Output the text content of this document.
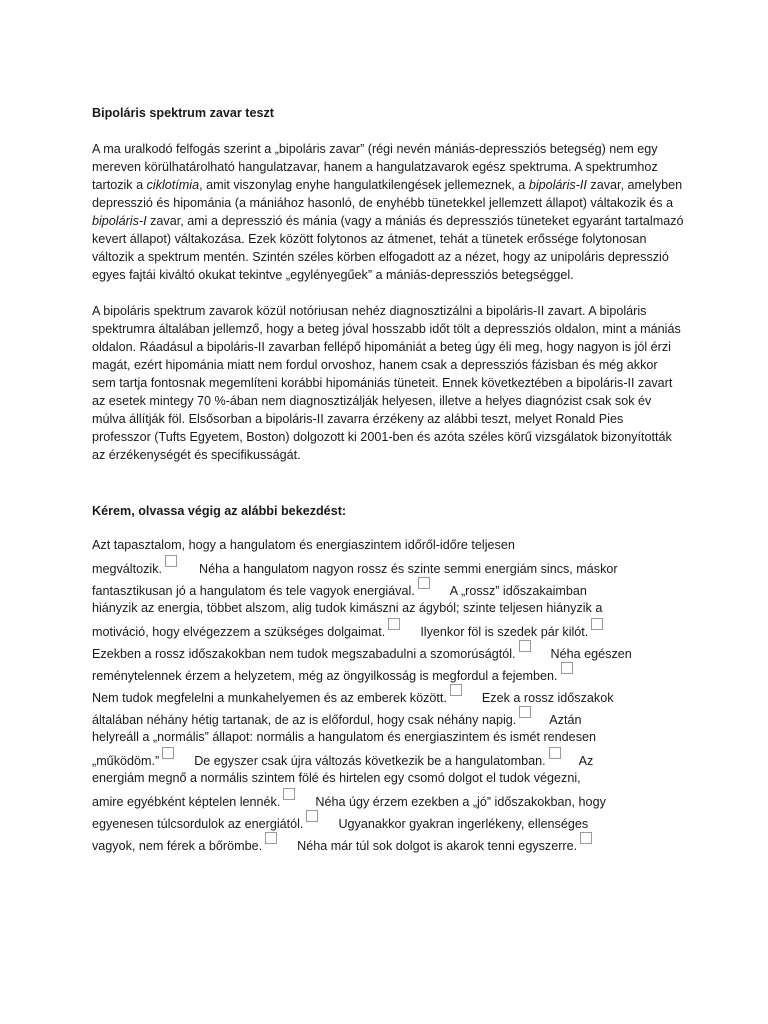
Bipoláris spektrum zavar teszt

A ma uralkodó felfogás szerint a „bipoláris zavar” (régi nevén mániás-depressziós betegség) nem egy mereven körülhatárolható hangulatzavar, hanem a hangulatzavarok egész spektruma. A spektrumhoz tartozik a ciklotímia, amit viszonylag enyhe hangulatkilengések jellemeznek, a bipoláris-II zavar, amelyben depresszió és hipománia (a mániához hasonló, de enyhébb tünetekkel jellemzett állapot) váltakozik és a bipoláris-I zavar, ami a depresszió és mánia (vagy a mániás és depressziós tüneteket egyaránt tartalmazó kevert állapot) váltakozása. Ezek között folytonos az átmenet, tehát a tünetek erőssége folytonosan változik a spektrum mentén. Szintén széles körben elfogadott az a nézet, hogy az unipoláris depresszió egyes fajtái kiváltó okukat tekintve „egylényegűek” a mániás-depressziós betegséggel.

A bipoláris spektrum zavarok közül notóriusan nehéz diagnosztizálni a bipoláris-II zavart. A bipoláris spektrumra általában jellemző, hogy a beteg jóval hosszabb időt tölt a depressziós oldalon, mint a mániás oldalon. Ráadásul a bipoláris-II zavarban fellépő hipomániát a beteg úgy éli meg, hogy nagyon is jól érzi magát, ezért hipománia miatt nem fordul orvoshoz, hanem csak a depressziós fázisban és még akkor sem tartja fontosnak megemlíteni korábbi hipomániás tüneteit. Ennek következtében a bipoláris-II zavart az esetek mintegy 70 %-ában nem diagnosztizálják helyesen, illetve a helyes diagnózist csak sok év múlva állítják föl. Elsősorban a bipoláris-II zavarra érzékeny az alábbi teszt, melyet Ronald Pies professzor (Tufts Egyetem, Boston) dolgozott ki 2001-ben és azóta széles körű vizsgálatok bizonyították az érzékenységét és specifikusságát.

Kérem, olvassa végig az alábbi bekezdést:
Azt tapasztalom, hogy a hangulatom és energiaszintem időről-időre teljesen
megváltozik.	Néha a hangulatom nagyon rossz és szinte semmi energiám sincs, máskor
fantasztikusan jó a hangulatom és tele vagyok energiával.	A „rossz” időszakaimban
hiányzik az energia, többet alszom, alig tudok kimászni az ágyból; szinte teljesen hiányzik a
motiváció, hogy elvégezzem a szükséges dolgaimat.	Ilyenkor föl is szedek pár kilót.
Ezekben a rossz időszakokban nem tudok megszabadulni a szomorúságtól.	Néha egészen
reménytelennek érzem a helyzetem, még az öngyilkosság is megfordul a fejemben.
Nem tudok megfelelni a munkahelyemen és az emberek között.	Ezek a rossz időszakok
általában néhány hétig tartanak, de az is előfordul, hogy csak néhány napig.	Aztán
helyreáll a „normális” állapot: normális a hangulatom és energiaszintem és ismét rendesen
„működöm.”	De egyszer csak újra változás következik be a hangulatomban.	Az
energiám megnő a normális szintem fölé és hirtelen egy csomó dolgot el tudok végezni,
amire egyébként képtelen lennék.	Néha úgy érzem ezekben a „jó” időszakokban, hogy
egyenesen túlcsordulok az energiától.	Ugyanakkor gyakran ingerlékeny, ellenséges
vagyok, nem férek a bőrömbe.	Néha már túl sok dolgot is akarok tenni egyszerre.
